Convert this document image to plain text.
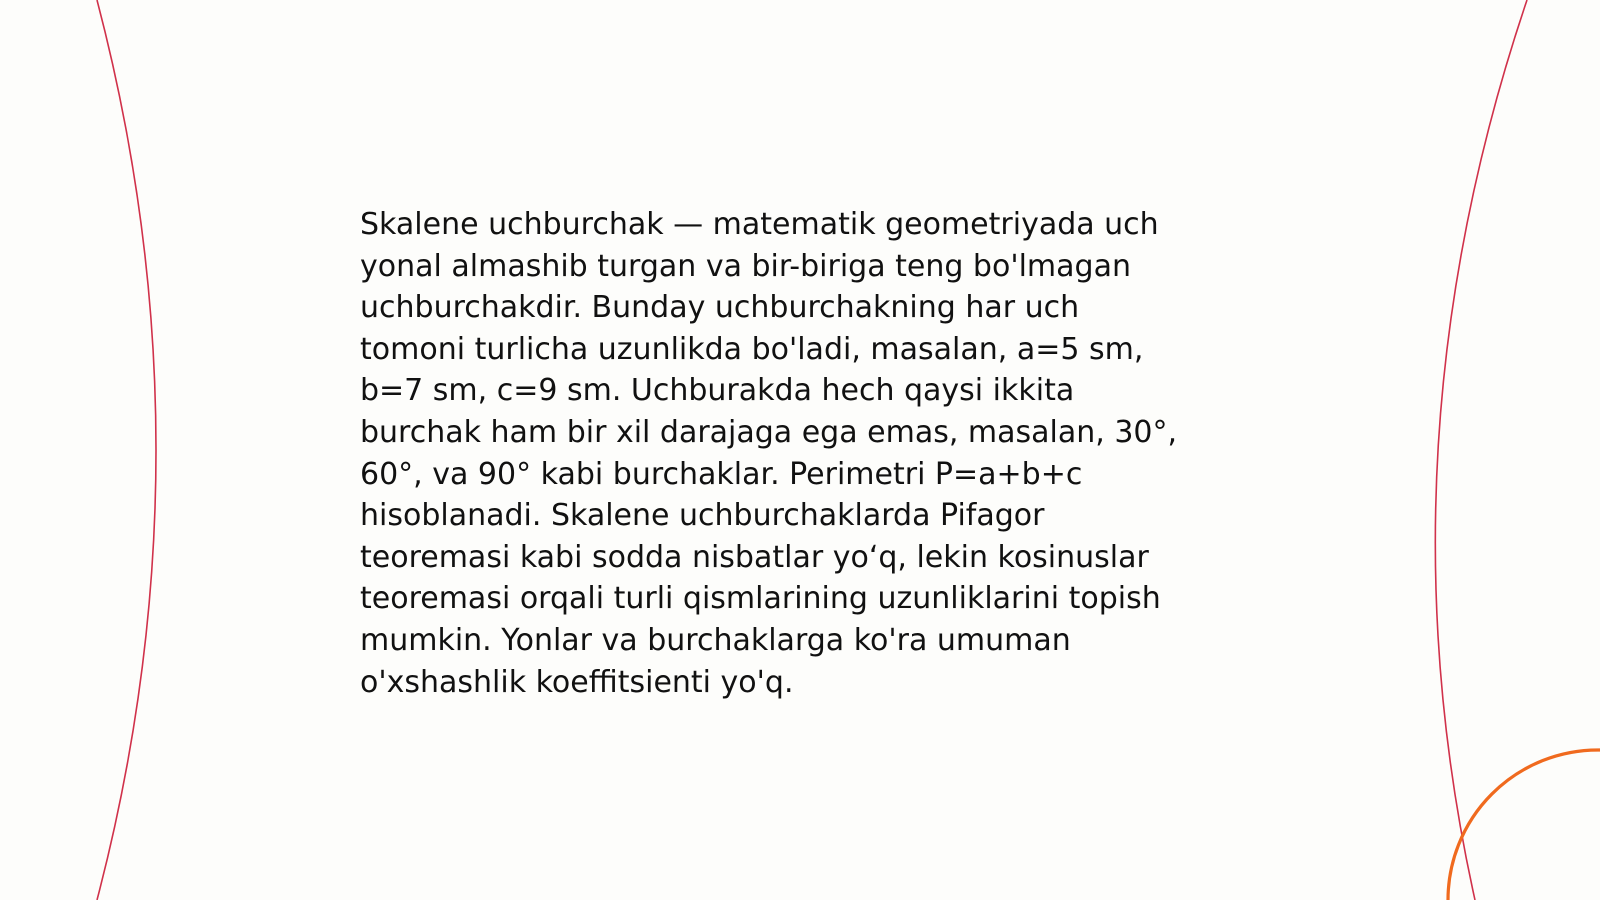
Skalene uchburchak — matematik geometriyada uch
yonal almashib turgan va bir-biriga teng bo'lmagan
uchburchakdir. Bunday uchburchakning har uch
tomoni turlicha uzunlikda bo'ladi, masalan, a=5 sm,
b=7 sm, c=9 sm. Uchburakda hech qaysi ikkita
burchak ham bir xil darajaga ega emas, masalan, 30°,
60°, va 90° kabi burchaklar. Perimetri P=a+b+c
hisoblanadi. Skalene uchburchaklarda Pifagor
teoremasi kabi sodda nisbatlar yo‘q, lekin kosinuslar
teoremasi orqali turli qismlarining uzunliklarini topish
mumkin. Yonlar va burchaklarga ko'ra umuman
o'xshashlik koeffitsienti yo'q.
